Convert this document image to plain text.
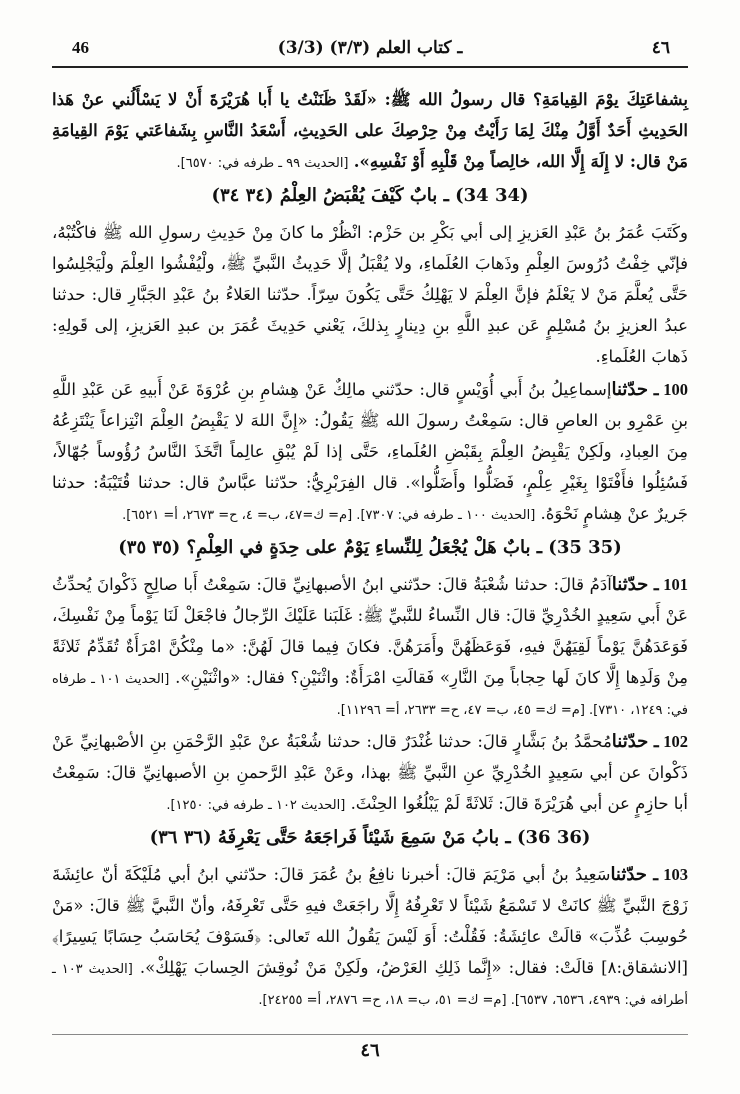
46	(3/3) ـ كتاب العلم (٣/٣)	٤٦

بِشفاعَتِكَ يوْمَ القِيامَةِ؟ قال رسولُ الله ﷺ: «لَقَدْ ظَنَنْتُ يا أَبا هُرَيْرَةَ أَنْ لا يَسْأَلُني عنْ هَذا الحَدِيثِ أَحَدٌ أَوَّلُ مِنْكَ لِمَا رَأَيْتُ مِنْ حِرْصِكَ على الحَدِيثِ، أَسْعَدُ النَّاسِ بِشَفاعَتي يَوْمَ القِيامَةِ مَنْ قال: لا إِلَهَ إِلَّا الله، خالِصاً مِنْ قَلْبِهِ أَوْ نَفْسِهِ». [الحديث ٩٩ ـ طرفه في: ٦٥٧٠].

(34 34) ـ بابٌ كَيْفَ يُقْبَضُ العِلْمُ (٣٤ ٣٤)

وكَتَبَ عُمَرُ بنُ عَبْدِ العَزيزِ إلى أبي بَكْرِ بن حَزْم: انْظُرْ ما كانَ مِنْ حَدِيثِ رسولِ الله ﷺ فاكْتُبْهُ، فإنّي خِفْتُ دُرُوسَ العِلْمِ وذَهابَ العُلَماءِ، ولا يُقْبَلُ إلَّا حَدِيثُ النَّبيِّ ﷺ، ولْيُفْشُوا العِلْمَ ولْيَجْلِسُوا حَتَّى يُعلَّمَ مَنْ لا يَعْلَمُ فإنَّ العِلْمَ لا يَهْلِكُ حَتَّى يَكُونَ سِرّاً. حدّثنا العَلاءُ بنُ عَبْدِ الجَبَّارِ قال: حدثنا عبدُ العزيزِ بنُ مُسْلِمٍ عَن عبدِ اللَّهِ بنِ دِينارٍ بِذلكَ، يَعْني حَدِيثَ عُمَرَ بن عبدِ العَزيزِ، إلى قَولِهِ: ذَهابَ العُلَماءِ.

100 ـ حدّثناإسماعِيلُ بنُ أَبي أُوَيْسٍ قال: حدّثني مالِكٌ عَنْ هِشامِ بنِ عُرْوَةَ عَنْ أَبيهِ عَن عَبْدِ اللَّهِ بنِ عَمْرِو بن العاصِ قال: سَمِعْتُ رسولَ الله ﷺ يَقُولُ: «إِنَّ اللهَ لا يَقْبِضُ العِلْمَ انْتِزاعاً يَنْتَزِعُهُ مِنَ العِبادِ، ولَكِنْ يَقْبِضُ العِلْمَ بِقَبْضِ العُلَماءِ، حَتَّى إذا لَمْ يُبْقِ عالِماً اتَّخَذَ النَّاسُ رُؤُوساً جُهّالاً، فَسُئِلُوا فأَفْتَوْا بِغَيْرِ عِلْمٍ، فَضَلُّوا وأَضَلُّوا». قال الفِرَبْرِيُّ: حدّثنا عبَّاسٌ قال: حدثنا قُتَيْبَةُ: حدثنا جَريرٌ عنْ هِشامٍ نَحْوَهُ. [الحديث ١٠٠ ـ طرفه في: ٧٣٠٧]. [م= ك=٤٧، ب= ٤، ح= ٢٦٧٣، أ= ٦٥٢١].

(35 35) ـ بابٌ هَلْ يُجْعَلُ لِلنِّساءِ يَوْمٌ على حِدَةٍ في العِلْمِ؟ (٣٥ ٣٥)

101 ـ حدّثناآدَمُ قالَ: حدثنا شُعْبَةُ قالَ: حدّثني ابنُ الأصبهانِيِّ قالَ: سَمِعْتُ أَبا صالِحٍ ذَكْوانَ يُحدِّثُ عَنْ أَبي سَعِيدٍ الخُدْرِيِّ قالَ: قال النِّساءُ للنَّبيِّ ﷺ: غَلَبَنا عَلَيْكَ الرِّجالُ فاجْعَلْ لَنَا يَوْماً مِنْ نَفْسِكَ، فَوَعَدَهُنَّ يَوْماً لَقِيَهُنَّ فيهِ، فَوَعَظَهُنَّ وأَمَرَهُنَّ. فكانَ فِيما قالَ لَهُنَّ: «ما مِنْكُنَّ امْرَأَةٌ تُقَدِّمُ ثَلاثَةً مِنْ وَلَدِها إِلَّا كانَ لَها حِجاباً مِنَ النَّارِ» فَقالَتِ امْرَأَةٌ: واثْنَيْنِ؟ فقال: «واثْنَيْنِ». [الحديث ١٠١ ـ طرفاه في: ١٢٤٩، ٧٣١٠]. [م= ك= ٤٥، ب= ٤٧، ح= ٢٦٣٣، أ= ١١٢٩٦].

102 ـ حدّثنامُحمَّدُ بنُ بَشَّارٍ قالَ: حدثنا غُنْدَرٌ قال: حدثنا شُعْبَةُ عنْ عَبْدِ الرَّحْمَنِ بنِ الأصْبهانِيِّ عَنْ ذَكْوانَ عن أبي سَعِيدٍ الخُدْرِيِّ عنِ النَّبيِّ ﷺ بهذا، وعَنْ عَبْدِ الرَّحمنِ بنِ الأصبهانِيِّ قالَ: سَمِعْتُ أبا حازِمٍ عن أبي هُرَيْرَةَ قالَ: ثَلاثَةً لَمْ يَبْلُغُوا الحِنْثَ. [الحديث ١٠٢ ـ طرفه في: ١٢٥٠].

(36 36) ـ بابُ مَنْ سَمِعَ شَيْئاً فَراجَعَهُ حَتَّى يَعْرِفَهُ (٣٦ ٣٦)

103 ـ حدّثناسَعِيدُ بنُ أبي مَرْيَمَ قالَ: أخبرنا نافِعُ بنُ عُمَرَ قالَ: حدّثني ابنُ أبي مُلَيْكَةَ أنّ عائِشَةَ زَوْجَ النَّبيِّ ﷺ كانَتْ لا تَسْمَعُ شَيْئاً لا تَعْرِفُهُ إِلَّا راجَعَتْ فيهِ حَتَّى تَعْرِفَهُ، وأنّ النَّبيَّ ﷺ قالَ: «مَنْ حُوسِبَ عُذِّبَ» قالَتْ عائِشَةُ: فَقُلْتُ: أَوَ لَيْسَ يَقُولُ الله تَعالى: ﴿فَسَوْفَ يُحَاسَبُ حِسَابًا يَسِيرًا﴾ [الانشقاق:٨] قالَتْ: فقال: «إِنَّما ذَلِكِ العَرْضُ، ولَكِنْ مَنْ نُوقِشَ الحِسابَ يَهْلِكْ». [الحديث ١٠٣ ـ أطرافه في: ٤٩٣٩، ٦٥٣٦، ٦٥٣٧]. [م= ك= ٥١، ب= ١٨، ح= ٢٨٧٦، أ= ٢٤٢٥٥].

٤٦
